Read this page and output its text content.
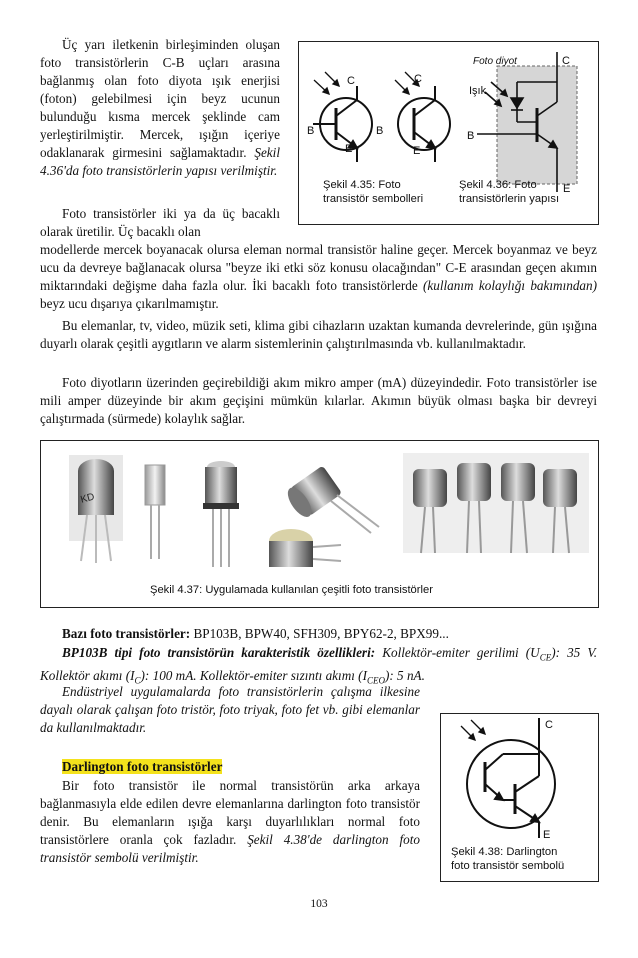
Üç yarı iletkenin birleşiminden oluşan foto transistörlerin C-B uçları arasına bağlanmış olan foto diyota ışık enerjisi (foton) gelebilmesi için beyz ucunun bulunduğu kısma mercek şeklinde cam yerleştirilmiştir. Mercek, ışığın içeriye odaklanarak girmesini sağlamaktadır. Şekil 4.36'da foto transistörlerin yapısı verilmiştir.

Foto transistörler iki ya da üç bacaklı olarak üretilir. Üç bacaklı olan

C
B
E
C
B
E
Foto diyot
Işık
C
B
E
Şekil 4.35: Foto
transistör sembolleri
Şekil 4.36: Foto
transistörlerin yapısı

modellerde mercek boyanacak olursa eleman normal transistör haline geçer. Mercek boyanmaz ve beyz ucu da devreye bağlanacak olursa "beyze iki etki söz konusu olacağından" C-E arasından geçen akımın miktarındaki değişme daha fazla olur. İki bacaklı foto transistörlerde (kullanım kolaylığı bakımından) beyz ucu dışarıya çıkarılmamıştır.

Bu elemanlar, tv, video, müzik seti, klima gibi cihazların uzaktan kumanda devrelerinde, gün ışığına duyarlı olarak çeşitli aygıtların ve alarm sistemlerinin çalıştırılmasında vb. kullanılmaktadır.

Foto diyotların üzerinden geçirebildiği akım mikro amper (mA) düzeyindedir. Foto transistörler ise mili amper düzeyinde bir akım geçişini mümkün kılarlar. Akımın büyük olması başka bir devreyi çalıştırmada (sürmede) kolaylık sağlar.

KD
Şekil 4.37: Uygulamada kullanılan çeşitli foto transistörler

Bazı foto transistörler: BP103B, BPW40, SFH309, BPY62-2, BPX99...

BP103B tipi foto transistörün karakteristik özellikleri: Kollektör-emiter gerilimi $(U_{CE})$: 35 V. Kollektör akımı $(I_C)$: 100 mA. Kollektör-emiter sızıntı akımı $(I_{CEO})$: 5 nA.

Endüstriyel uygulamalarda foto transistörlerin çalışma ilkesine dayalı olarak çalışan foto tristör, foto triyak, foto fet vb. gibi elemanlar da kullanılmaktadır.

Darlington foto transistörler

Bir foto transistör ile normal transistörün arka arkaya bağlanmasıyla elde edilen devre elemanlarına darlington foto transistör denir. Bu elemanların ışığa karşı duyarlılıkları normal foto transistörlere oranla çok fazladır. Şekil 4.38'de darlington foto transistör sembolü verilmiştir.

C
E
Şekil 4.38: Darlington
foto transistör sembolü
103
